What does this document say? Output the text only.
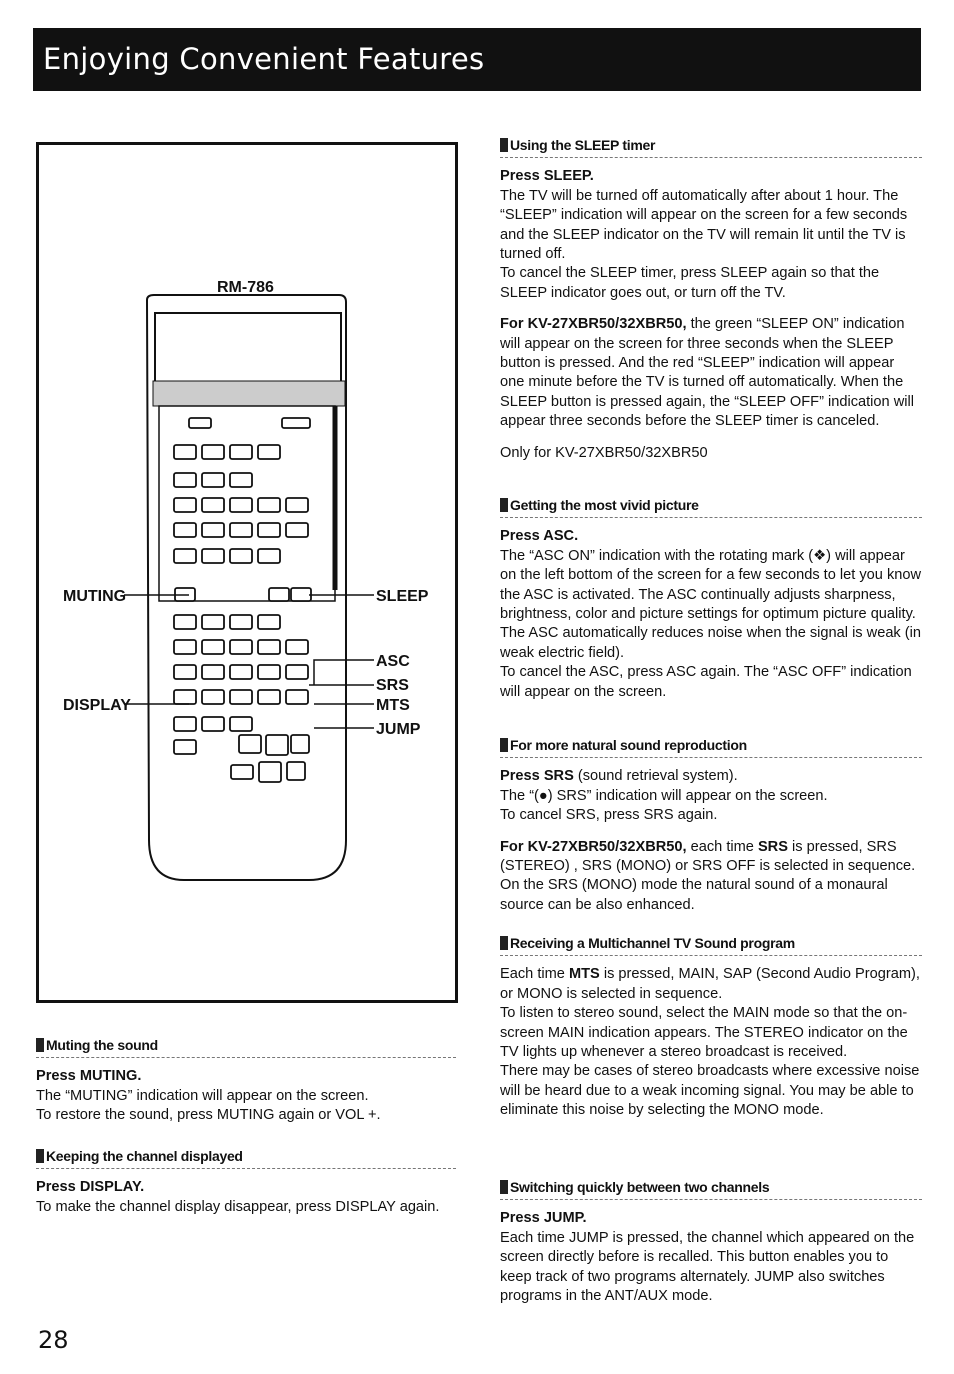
Enjoying Convenient Features
RM-786
MUTING
DISPLAY
SLEEP
ASC
SRS
MTS
JUMP
Muting the sound

Press MUTING.

The “MUTING” indication will appear on the screen.

To restore the sound, press MUTING again or VOL +.

Keeping the channel displayed

Press DISPLAY.

To make the channel display disappear, press DISPLAY again.

Using the SLEEP timer

Press SLEEP.

The TV will be turned off automatically after about 1 hour. The “SLEEP” indication will appear on the screen for a few seconds and the SLEEP indicator on the TV will remain lit until the TV is turned off.

To cancel the SLEEP timer, press SLEEP again so that the SLEEP indicator goes out, or turn off the TV.

For KV-27XBR50/32XBR50, the green “SLEEP ON” indication will appear on the screen for three seconds when the SLEEP button is pressed. And the red “SLEEP” indication will appear one minute before the TV is turned off automatically. When the SLEEP button is pressed again, the “SLEEP OFF” indication will appear three seconds before the SLEEP timer is canceled.

Only for KV-27XBR50/32XBR50

Getting the most vivid picture

Press ASC.

The “ASC ON” indication with the rotating mark (❖) will appear on the left bottom of the screen for a few seconds to let you know the ASC is activated. The ASC continually adjusts sharpness, brightness, color and picture settings for optimum picture quality. The ASC automatically reduces noise when the signal is weak (in weak electric field).

To cancel the ASC, press ASC again. The “ASC OFF” indication will appear on the screen.

For more natural sound reproduction

Press SRS (sound retrieval system).

The “(●) SRS” indication will appear on the screen.

To cancel SRS, press SRS again.

For KV-27XBR50/32XBR50, each time SRS is pressed, SRS (STEREO) , SRS (MONO) or SRS OFF is selected in sequence. On the SRS (MONO) mode the natural sound of a monaural source can be also enhanced.

Receiving a Multichannel TV Sound program

Each time MTS is pressed, MAIN, SAP (Second Audio Program), or MONO is selected in sequence.

To listen to stereo sound, select the MAIN mode so that the on-screen MAIN indication appears. The STEREO indicator on the TV lights up whenever a stereo broadcast is received.

There may be cases of stereo broadcasts where excessive noise will be heard due to a weak incoming signal. You may be able to eliminate this noise by selecting the MONO mode.

Switching quickly between two channels

Press JUMP.

Each time JUMP is pressed, the channel which appeared on the screen directly before is recalled. This button enables you to keep track of two programs alternately. JUMP also switches programs in the ANT/AUX mode.

28
